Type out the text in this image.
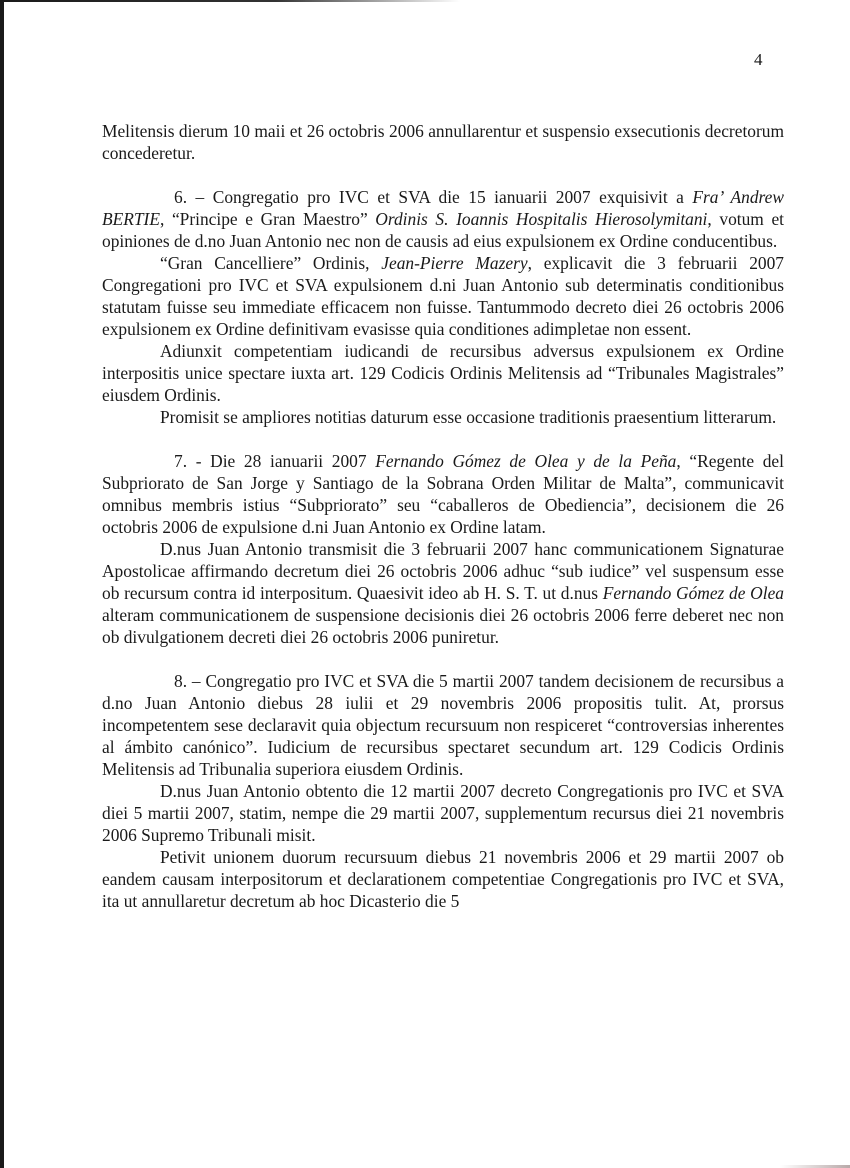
4

Melitensis dierum 10 maii et 26 octobris 2006 annullarentur et suspensio exsecutionis decretorum concederetur.

6. – Congregatio pro IVC et SVA die 15 ianuarii 2007 exquisivit a Fra’ Andrew BERTIE, “Principe e Gran Maestro” Ordinis S. Ioannis Hospitalis Hierosolymitani, votum et opiniones de d.no Juan Antonio nec non de causis ad eius expulsionem ex Ordine conducentibus.

“Gran Cancelliere” Ordinis, Jean-Pierre Mazery, explicavit die 3 februarii 2007 Congregationi pro IVC et SVA expulsionem d.ni Juan Antonio sub determinatis conditionibus statutam fuisse seu immediate efficacem non fuisse. Tantummodo decreto diei 26 octobris 2006 expulsionem ex Ordine definitivam evasisse quia conditiones adimpletae non essent.

Adiunxit competentiam iudicandi de recursibus adversus expulsionem ex Ordine interpositis unice spectare iuxta art. 129 Codicis Ordinis Melitensis ad “Tribunales Magistrales” eiusdem Ordinis.

Promisit se ampliores notitias daturum esse occasione traditionis praesentium litterarum.

7. - Die 28 ianuarii 2007 Fernando Gómez de Olea y de la Peña, “Regente del Subpriorato de San Jorge y Santiago de la Sobrana Orden Militar de Malta”, communicavit omnibus membris istius “Subpriorato” seu “caballeros de Obediencia”, decisionem die 26 octobris 2006 de expulsione d.ni Juan Antonio ex Ordine latam.

D.nus Juan Antonio transmisit die 3 februarii 2007 hanc communicationem Signaturae Apostolicae affirmando decretum diei 26 octobris 2006 adhuc “sub iudice” vel suspensum esse ob recursum contra id interpositum. Quaesivit ideo ab H. S. T. ut d.nus Fernando Gómez de Olea alteram communicationem de suspensione decisionis diei 26 octobris 2006 ferre deberet nec non ob divulgationem decreti diei 26 octobris 2006 puniretur.

8. – Congregatio pro IVC et SVA die 5 martii 2007 tandem decisionem de recursibus a d.no Juan Antonio diebus 28 iulii et 29 novembris 2006 propositis tulit. At, prorsus incompetentem sese declaravit quia objectum recursuum non respiceret “controversias inherentes al ámbito canónico”. Iudicium de recursibus spectaret secundum art. 129 Codicis Ordinis Melitensis ad Tribunalia superiora eiusdem Ordinis.

D.nus Juan Antonio obtento die 12 martii 2007 decreto Congregationis pro IVC et SVA diei 5 martii 2007, statim, nempe die 29 martii 2007, supplementum recursus diei 21 novembris 2006 Supremo Tribunali misit.

Petivit unionem duorum recursuum diebus 21 novembris 2006 et 29 martii 2007 ob eandem causam interpositorum et declarationem competentiae Congregationis pro IVC et SVA, ita ut annullaretur decretum ab hoc Dicasterio die 5
